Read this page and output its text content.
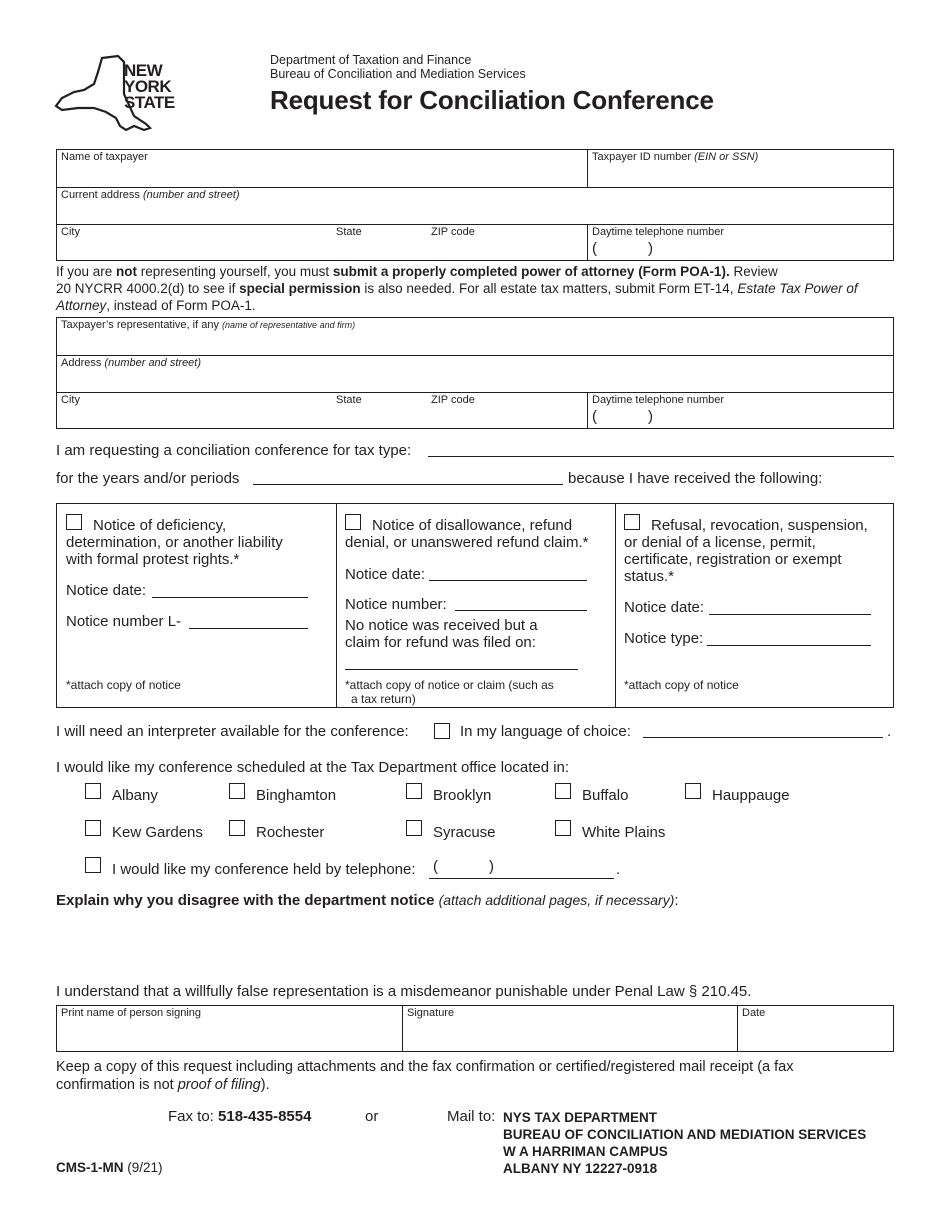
NEW
YORK
STATE
Department of Taxation and Finance
Bureau of Conciliation and Mediation Services
Request for Conciliation Conference
Name of taxpayer	Taxpayer ID number (EIN or SSN)
Current address (number and street)
City	State	ZIP code	Daytime telephone number
(	)
If you are not representing yourself, you must submit a properly completed power of attorney (Form POA-1). Review
20 NYCRR 4000.2(d) to see if special permission is also needed. For all estate tax matters, submit Form ET-14, Estate Tax Power of
Attorney, instead of Form POA-1.
Taxpayer’s representative, if any (name of representative and firm)
Address (number and street)
City	State	ZIP code	Daytime telephone number
(	)
I am requesting a conciliation conference for tax type:
for the years and/or periods	because I have received the following:
Notice of deficiency,
determination, or another liability
with formal protest rights.*
Notice date:
Notice number L-
*attach copy of notice
Notice of disallowance, refund
denial, or unanswered refund claim.*
Notice date:
Notice number:
No notice was received but a
claim for refund was filed on:
*attach copy of notice or claim (such as
a tax return)
Refusal, revocation, suspension,
or denial of a license, permit,
certificate, registration or exempt
status.*
Notice date:
Notice type:
*attach copy of notice
I will need an interpreter available for the conference:	In my language of choice:	.
I would like my conference scheduled at the Tax Department office located in:
Albany	Binghamton	Brooklyn	Buffalo	Hauppauge
Kew Gardens	Rochester	Syracuse	White Plains
I would like my conference held by telephone: (	)	.
Explain why you disagree with the department notice (attach additional pages, if necessary):
I understand that a willfully false representation is a misdemeanor punishable under Penal Law § 210.45.
Print name of person signing	Signature	Date
Keep a copy of this request including attachments and the fax confirmation or certified/registered mail receipt (a fax
confirmation is not proof of filing).
Fax to: 518-435-8554	or	Mail to: NYS TAX DEPARTMENT
BUREAU OF CONCILIATION AND MEDIATION SERVICES
W A HARRIMAN CAMPUS
ALBANY NY 12227-0918
CMS-1-MN (9/21)
